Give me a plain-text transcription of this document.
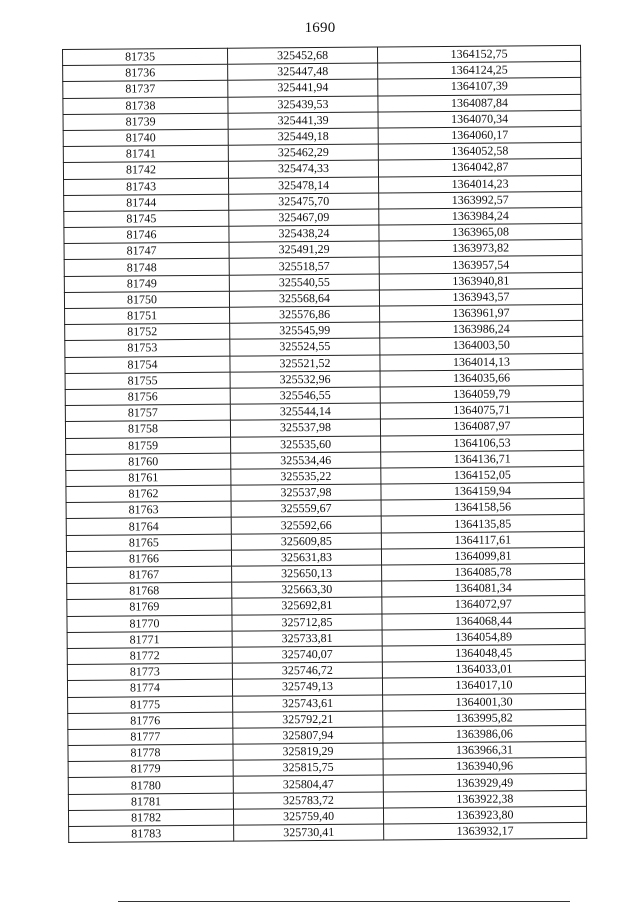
1690
81735	325452,68	1364152,75
81736	325447,48	1364124,25
81737	325441,94	1364107,39
81738	325439,53	1364087,84
81739	325441,39	1364070,34
81740	325449,18	1364060,17
81741	325462,29	1364052,58
81742	325474,33	1364042,87
81743	325478,14	1364014,23
81744	325475,70	1363992,57
81745	325467,09	1363984,24
81746	325438,24	1363965,08
81747	325491,29	1363973,82
81748	325518,57	1363957,54
81749	325540,55	1363940,81
81750	325568,64	1363943,57
81751	325576,86	1363961,97
81752	325545,99	1363986,24
81753	325524,55	1364003,50
81754	325521,52	1364014,13
81755	325532,96	1364035,66
81756	325546,55	1364059,79
81757	325544,14	1364075,71
81758	325537,98	1364087,97
81759	325535,60	1364106,53
81760	325534,46	1364136,71
81761	325535,22	1364152,05
81762	325537,98	1364159,94
81763	325559,67	1364158,56
81764	325592,66	1364135,85
81765	325609,85	1364117,61
81766	325631,83	1364099,81
81767	325650,13	1364085,78
81768	325663,30	1364081,34
81769	325692,81	1364072,97
81770	325712,85	1364068,44
81771	325733,81	1364054,89
81772	325740,07	1364048,45
81773	325746,72	1364033,01
81774	325749,13	1364017,10
81775	325743,61	1364001,30
81776	325792,21	1363995,82
81777	325807,94	1363986,06
81778	325819,29	1363966,31
81779	325815,75	1363940,96
81780	325804,47	1363929,49
81781	325783,72	1363922,38
81782	325759,40	1363923,80
81783	325730,41	1363932,17
